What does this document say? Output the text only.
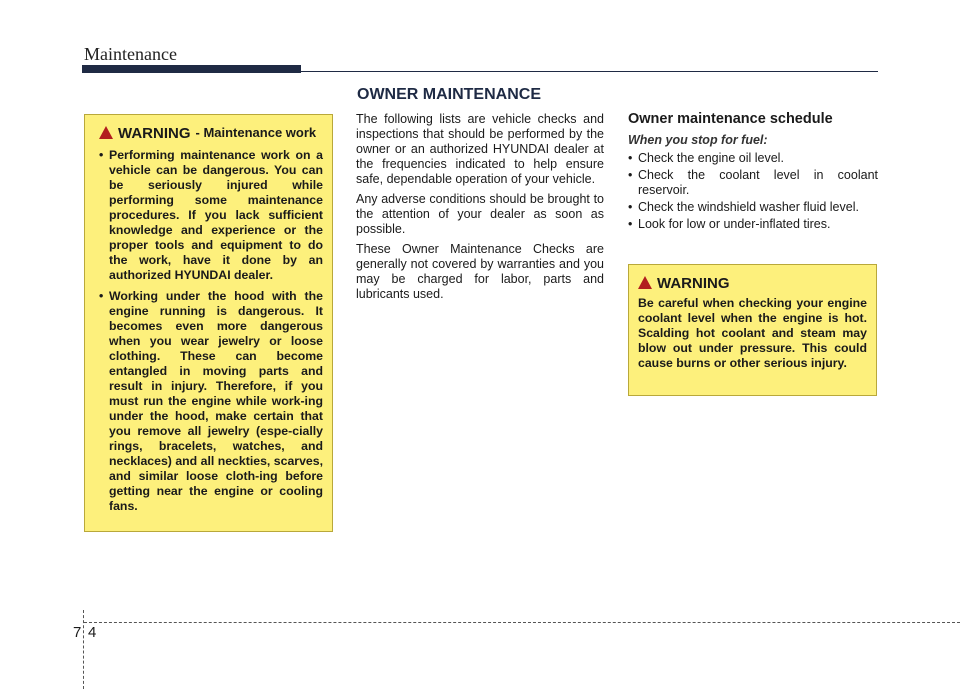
Maintenance
OWNER MAINTENANCE
WARNING - Maintenance work
• Performing maintenance work on a vehicle can be dangerous. You can be seriously injured while performing some maintenance procedures. If you lack sufficient knowledge and experience or the proper tools and equipment to do the work, have it done by an authorized HYUNDAI dealer.
• Working under the hood with the engine running is dangerous. It becomes even more dangerous when you wear jewelry or loose clothing. These can become entangled in moving parts and result in injury. Therefore, if you must run the engine while work-ing under the hood, make certain that you remove all jewelry (espe-cially rings, bracelets, watches, and necklaces) and all neckties, scarves, and similar loose cloth-ing before getting near the engine or cooling fans.

The following lists are vehicle checks and inspections that should be performed by the owner or an authorized HYUNDAI dealer at the frequencies indicated to help ensure safe, dependable operation of your vehicle.

Any adverse conditions should be brought to the attention of your dealer as soon as possible.

These Owner Maintenance Checks are generally not covered by warranties and you may be charged for labor, parts and lubricants used.

Owner maintenance schedule
When you stop for fuel:
• Check the engine oil level.
• Check the coolant level in coolant reservoir.
• Check the windshield washer fluid level.
• Look for low or under-inflated tires.
WARNING
Be careful when checking your engine coolant level when the engine is hot. Scalding hot coolant and steam may blow out under pressure. This could cause burns or other serious injury.
7 4
